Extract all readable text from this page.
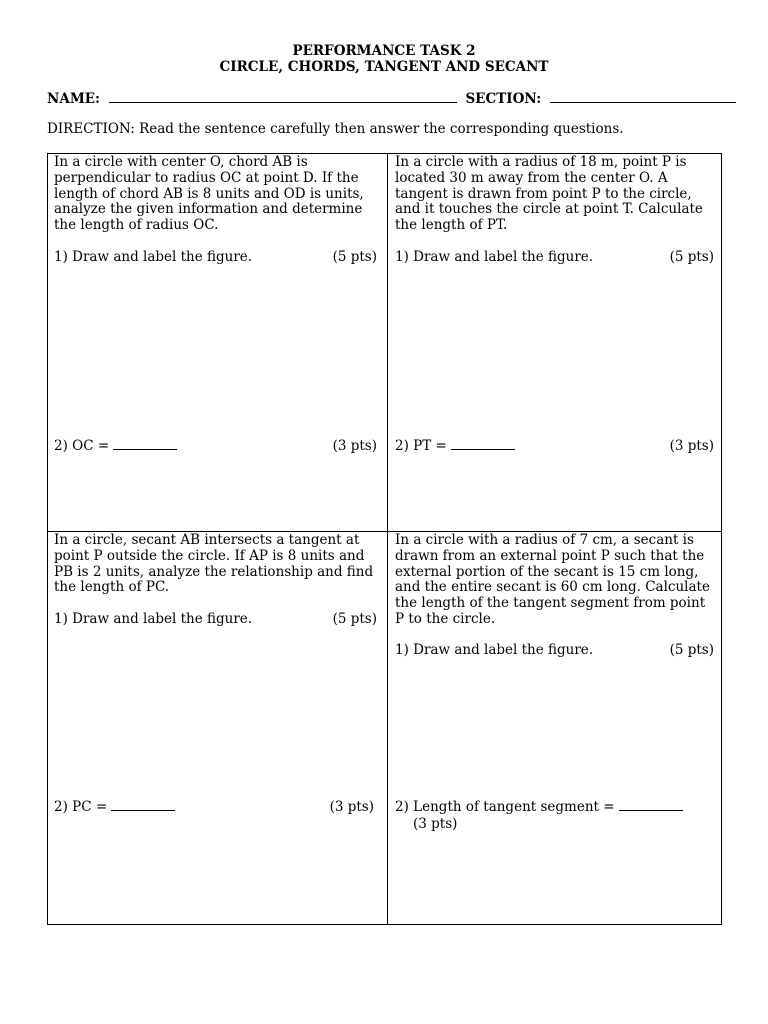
PERFORMANCE TASK 2
CIRCLE, CHORDS, TANGENT AND SECANT
NAME:	SECTION:
DIRECTION: Read the sentence carefully then answer the corresponding questions.
In a circle with center O, chord AB is perpendicular to radius OC at point D. If the length of chord AB is 8 units and OD is units, analyze the given information and determine the length of radius OC.
1) Draw and label the figure.	(5 pts)
2) OC =	(3 pts)
In a circle with a radius of 18 m, point P is located 30 m away from the center O. A tangent is drawn from point P to the circle, and it touches the circle at point T. Calculate the length of PT.
1) Draw and label the figure.	(5 pts)
2) PT =	(3 pts)
In a circle, secant AB intersects a tangent at point P outside the circle. If AP is 8 units and PB is 2 units, analyze the relationship and find the length of PC.
1) Draw and label the figure.	(5 pts)
2) PC =	(3 pts)
In a circle with a radius of 7 cm, a secant is drawn from an external point P such that the external portion of the secant is 15 cm long, and the entire secant is 60 cm long. Calculate the length of the tangent segment from point P to the circle.
1) Draw and label the figure.	(5 pts)
2) Length of tangent segment =
(3 pts)
